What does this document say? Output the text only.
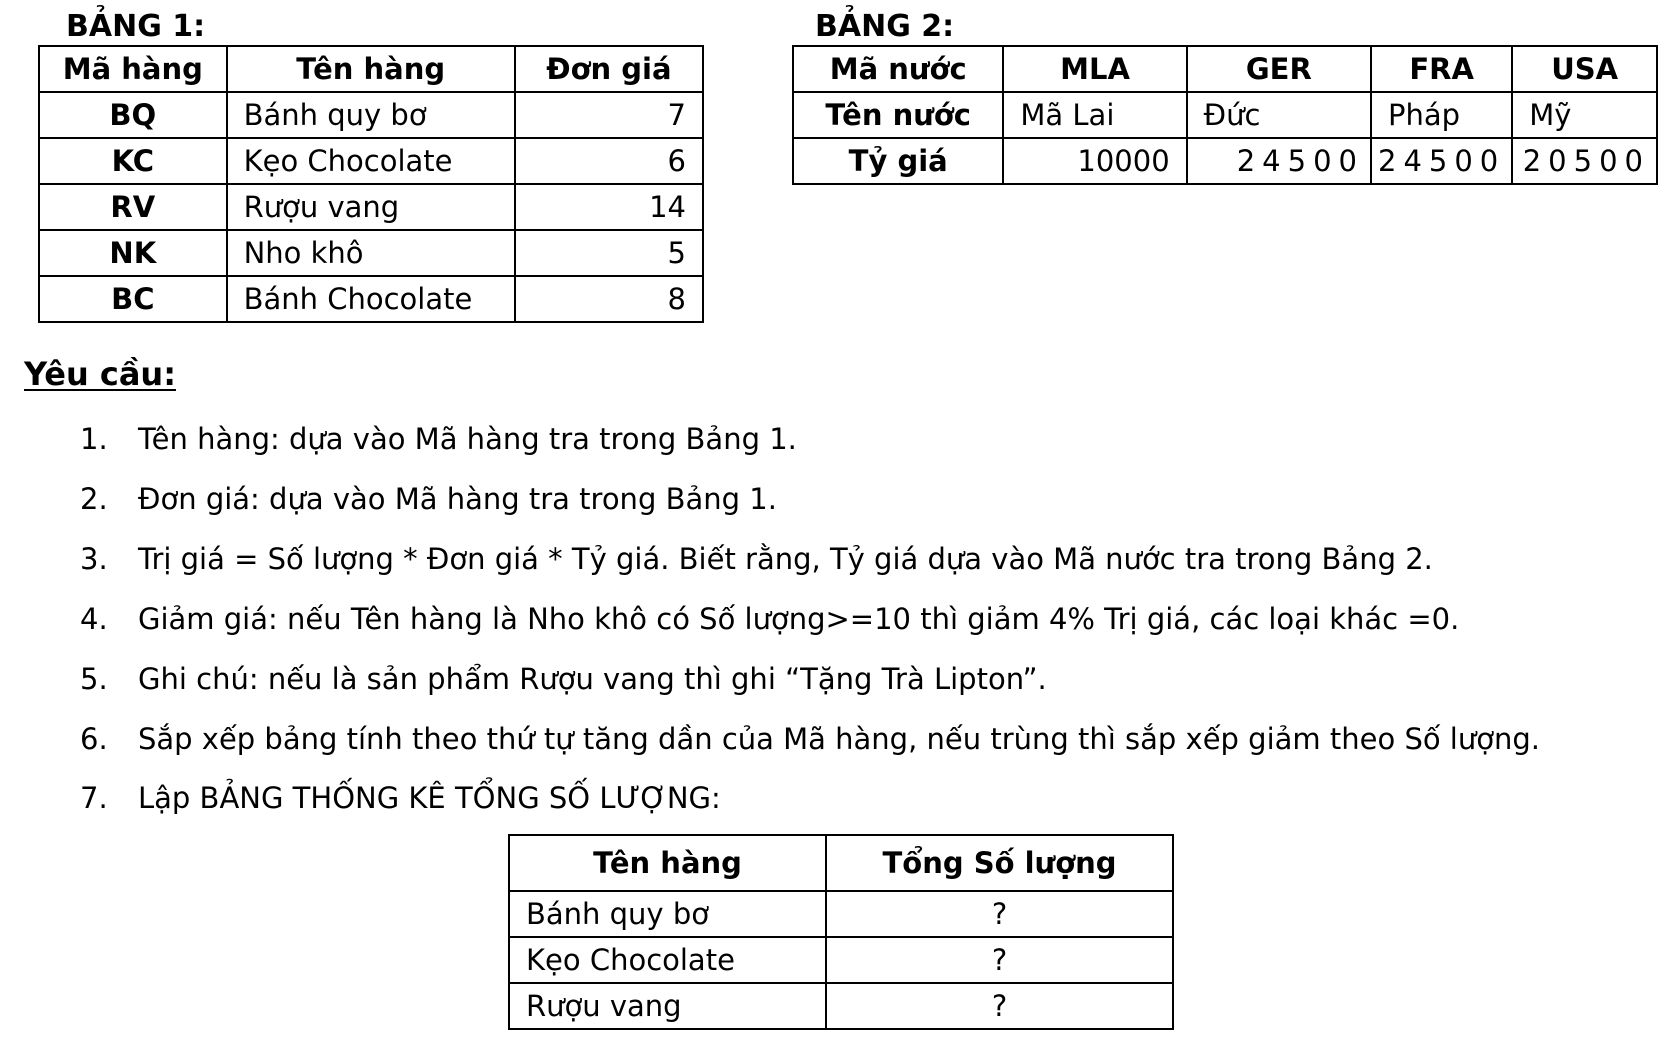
BẢNG 1:
Mã hàng	Tên hàng	Đơn giá
BQ	Bánh quy bơ	7
KC	Kẹo Chocolate	6
RV	Rượu vang	14
NK	Nho khô	5
BC	Bánh Chocolate	8
BẢNG 2:
Mã nước	MLA	GER	FRA	USA
Tên nước	Mã Lai	Đức	Pháp	Mỹ
Tỷ giá	10000	24500	24500	20500
Yêu cầu:
1. Tên hàng: dựa vào Mã hàng tra trong Bảng 1.
2. Đơn giá: dựa vào Mã hàng tra trong Bảng 1.
3. Trị giá = Số lượng * Đơn giá * Tỷ giá. Biết rằng, Tỷ giá dựa vào Mã nước tra trong Bảng 2.
4. Giảm giá: nếu Tên hàng là Nho khô có Số lượng>=10 thì giảm 4% Trị giá, các loại khác =0.
5. Ghi chú: nếu là sản phẩm Rượu vang thì ghi “Tặng Trà Lipton”.
6. Sắp xếp bảng tính theo thứ tự tăng dần của Mã hàng, nếu trùng thì sắp xếp giảm theo Số lượng.
7. Lập BẢNG THỐNG KÊ TỔNG SỐ LƯỢNG:
Tên hàng	Tổng Số lượng
Bánh quy bơ	?
Kẹo Chocolate	?
Rượu vang	?
